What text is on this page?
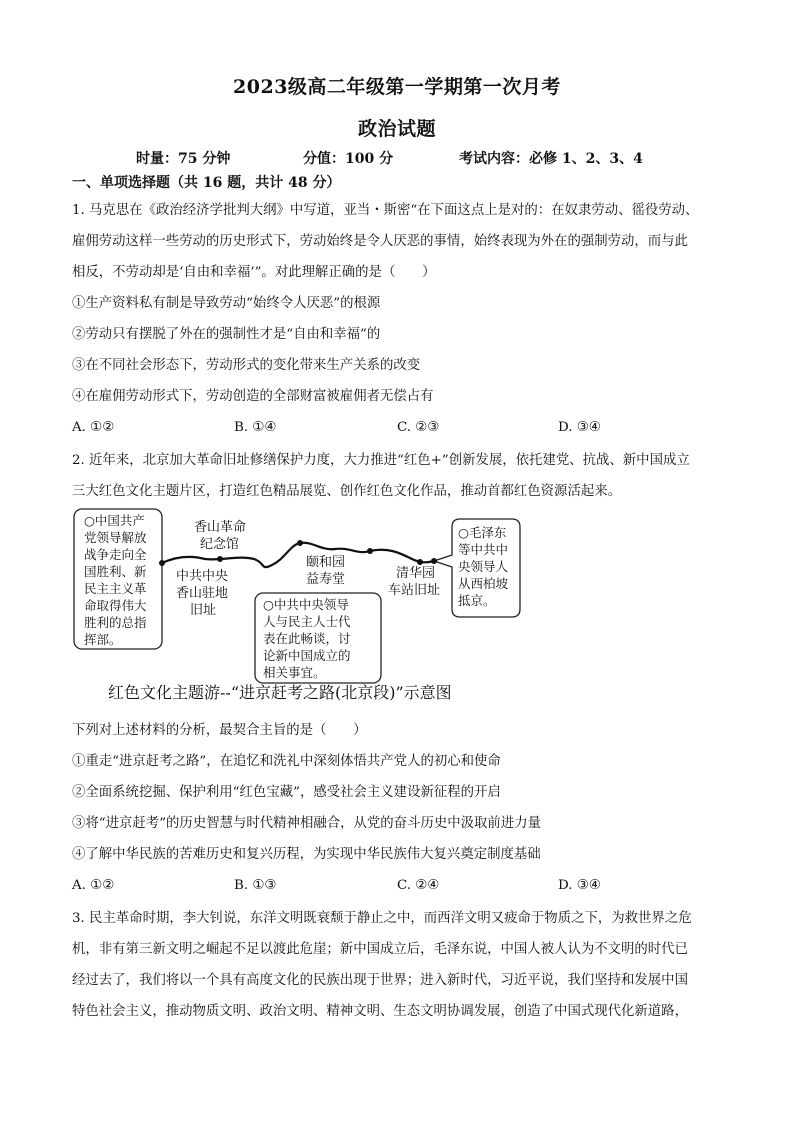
2023级高二年级第一学期第一次月考
政治试题
时量：75 分钟	分值：100 分	考试内容：必修 1、2、3、4
一、单项选择题（共 16 题，共计 48 分）
1. 马克思在《政治经济学批判大纲》中写道，亚当・斯密“在下面这点上是对的：在奴隶劳动、徭役劳动、
雇佣劳动这样一些劳动的历史形式下，劳动始终是令人厌恶的事情，始终表现为外在的强制劳动，而与此
相反，不劳动却是‘自由和幸福’”。对此理解正确的是（　　）
①生产资料私有制是导致劳动“始终令人厌恶”的根源
②劳动只有摆脱了外在的强制性才是“自由和幸福”的
③在不同社会形态下，劳动形式的变化带来生产关系的改变
④在雇佣劳动形式下，劳动创造的全部财富被雇佣者无偿占有
A. ①②	B. ①④	C. ②③	D. ③④
2. 近年来，北京加大革命旧址修缮保护力度，大力推进“红色+”创新发展，依托建党、抗战、新中国成立
三大红色文化主题片区，打造红色精品展览、创作红色文化作品，推动首都红色资源活起来。
○中国共产
党领导解放
战争走向全
国胜利、新
民主主义革
命取得伟大
胜利的总指
挥部。
香山革命
纪念馆
中共中央
香山驻地
旧址
颐和园
益寿堂	清华园
车站旧址
○中共中央领导
人与民主人士代
表在此畅谈，讨
论新中国成立的
相关事宜。
○毛泽东
等中共中
央领导人
从西柏坡
抵京。
红色文化主题游--“进京赶考之路(北京段)”示意图
下列对上述材料的分析，最契合主旨的是（　　）
①重走“进京赶考之路”，在追忆和洗礼中深刻体悟共产党人的初心和使命
②全面系统挖掘、保护利用“红色宝藏”，感受社会主义建设新征程的开启
③将“进京赶考”的历史智慧与时代精神相融合，从党的奋斗历史中汲取前进力量
④了解中华民族的苦难历史和复兴历程，为实现中华民族伟大复兴奠定制度基础
A. ①②	B. ①③	C. ②④	D. ③④
3. 民主革命时期，李大钊说，东洋文明既衰颓于静止之中，而西洋文明又疲命于物质之下，为救世界之危
机，非有第三新文明之崛起不足以渡此危崖；新中国成立后，毛泽东说，中国人被人认为不文明的时代已
经过去了，我们将以一个具有高度文化的民族出现于世界；进入新时代，习近平说，我们坚持和发展中国
特色社会主义，推动物质文明、政治文明、精神文明、生态文明协调发展，创造了中国式现代化新道路，
